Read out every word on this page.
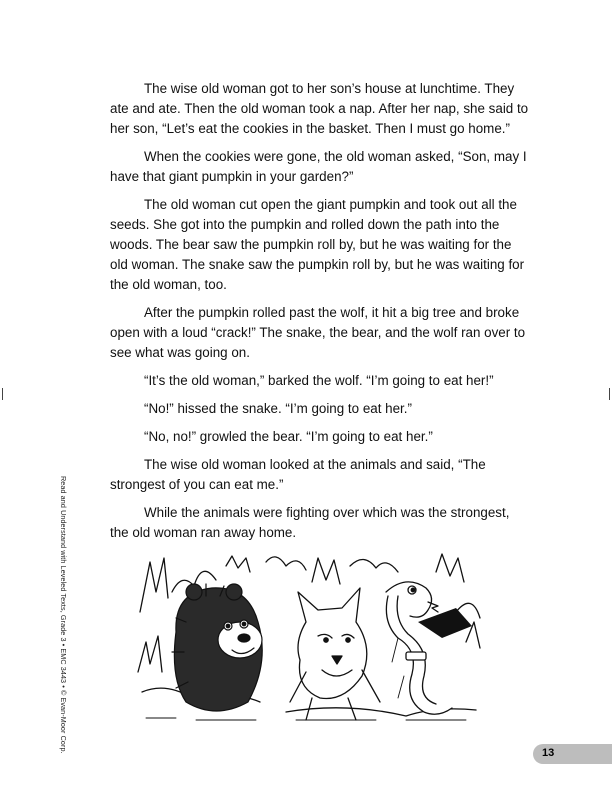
The wise old woman got to her son’s house at lunchtime. They ate and ate. Then the old woman took a nap. After her nap, she said to her son, “Let’s eat the cookies in the basket. Then I must go home.”

When the cookies were gone, the old woman asked, “Son, may I have that giant pumpkin in your garden?”

The old woman cut open the giant pumpkin and took out all the seeds. She got into the pumpkin and rolled down the path into the woods. The bear saw the pumpkin roll by, but he was waiting for the old woman. The snake saw the pumpkin roll by, but he was waiting for the old woman, too.

After the pumpkin rolled past the wolf, it hit a big tree and broke open with a loud “crack!” The snake, the bear, and the wolf ran over to see what was going on.

“It’s the old woman,” barked the wolf. “I’m going to eat her!”

“No!” hissed the snake. “I’m going to eat her.”

“No, no!” growled the bear. “I’m going to eat her.”

The wise old woman looked at the animals and said, “The strongest of you can eat me.”

While the animals were fighting over which was the strongest, the old woman ran away home.

Read and Understand with Leveled Texts, Grade 3 • EMC 3443 • © Evan-Moor Corp.	13
